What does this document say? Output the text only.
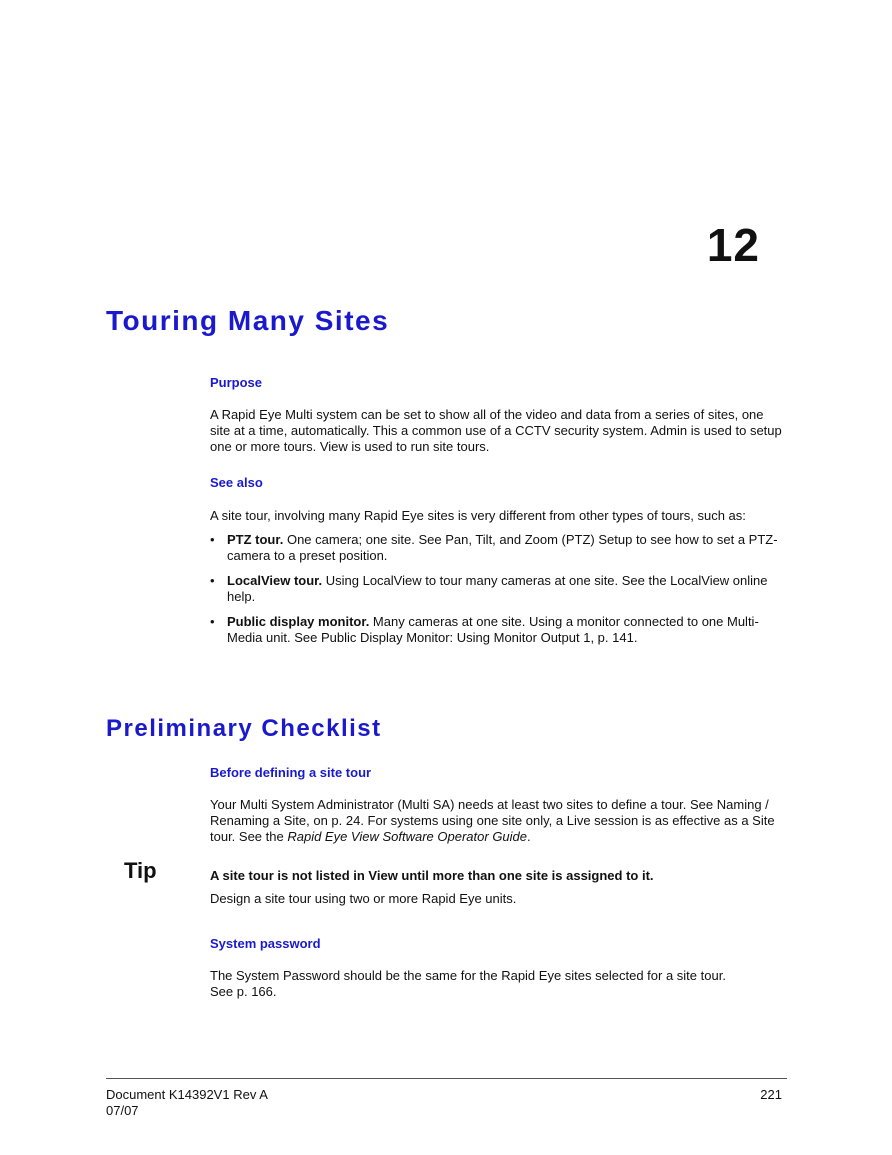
12
Touring Many Sites
Purpose

A Rapid Eye Multi system can be set to show all of the video and data from a series of sites, one site at a time, automatically. This a common use of a CCTV security system. Admin is used to setup one or more tours. View is used to run site tours.

See also

A site tour, involving many Rapid Eye sites is very different from other types of tours, such as:

• PTZ tour. One camera; one site. See Pan, Tilt, and Zoom (PTZ) Setup to see how to set a PTZ-camera to a preset position.
• LocalView tour. Using LocalView to tour many cameras at one site. See the LocalView online help.
• Public display monitor. Many cameras at one site. Using a monitor connected to one Multi-Media unit. See Public Display Monitor: Using Monitor Output 1, p. 141.
Preliminary Checklist
Before defining a site tour

Your Multi System Administrator (Multi SA) needs at least two sites to define a tour. See Naming / Renaming a Site, on p. 24. For systems using one site only, a Live session is as effective as a Site tour. See the Rapid Eye View Software Operator Guide.

Tip	A site tour is not listed in View until more than one site is assigned to it.

Design a site tour using two or more Rapid Eye units.

System password

The System Password should be the same for the Rapid Eye sites selected for a site tour.
See p. 166.

Document K14392V1 Rev A
07/07
221
